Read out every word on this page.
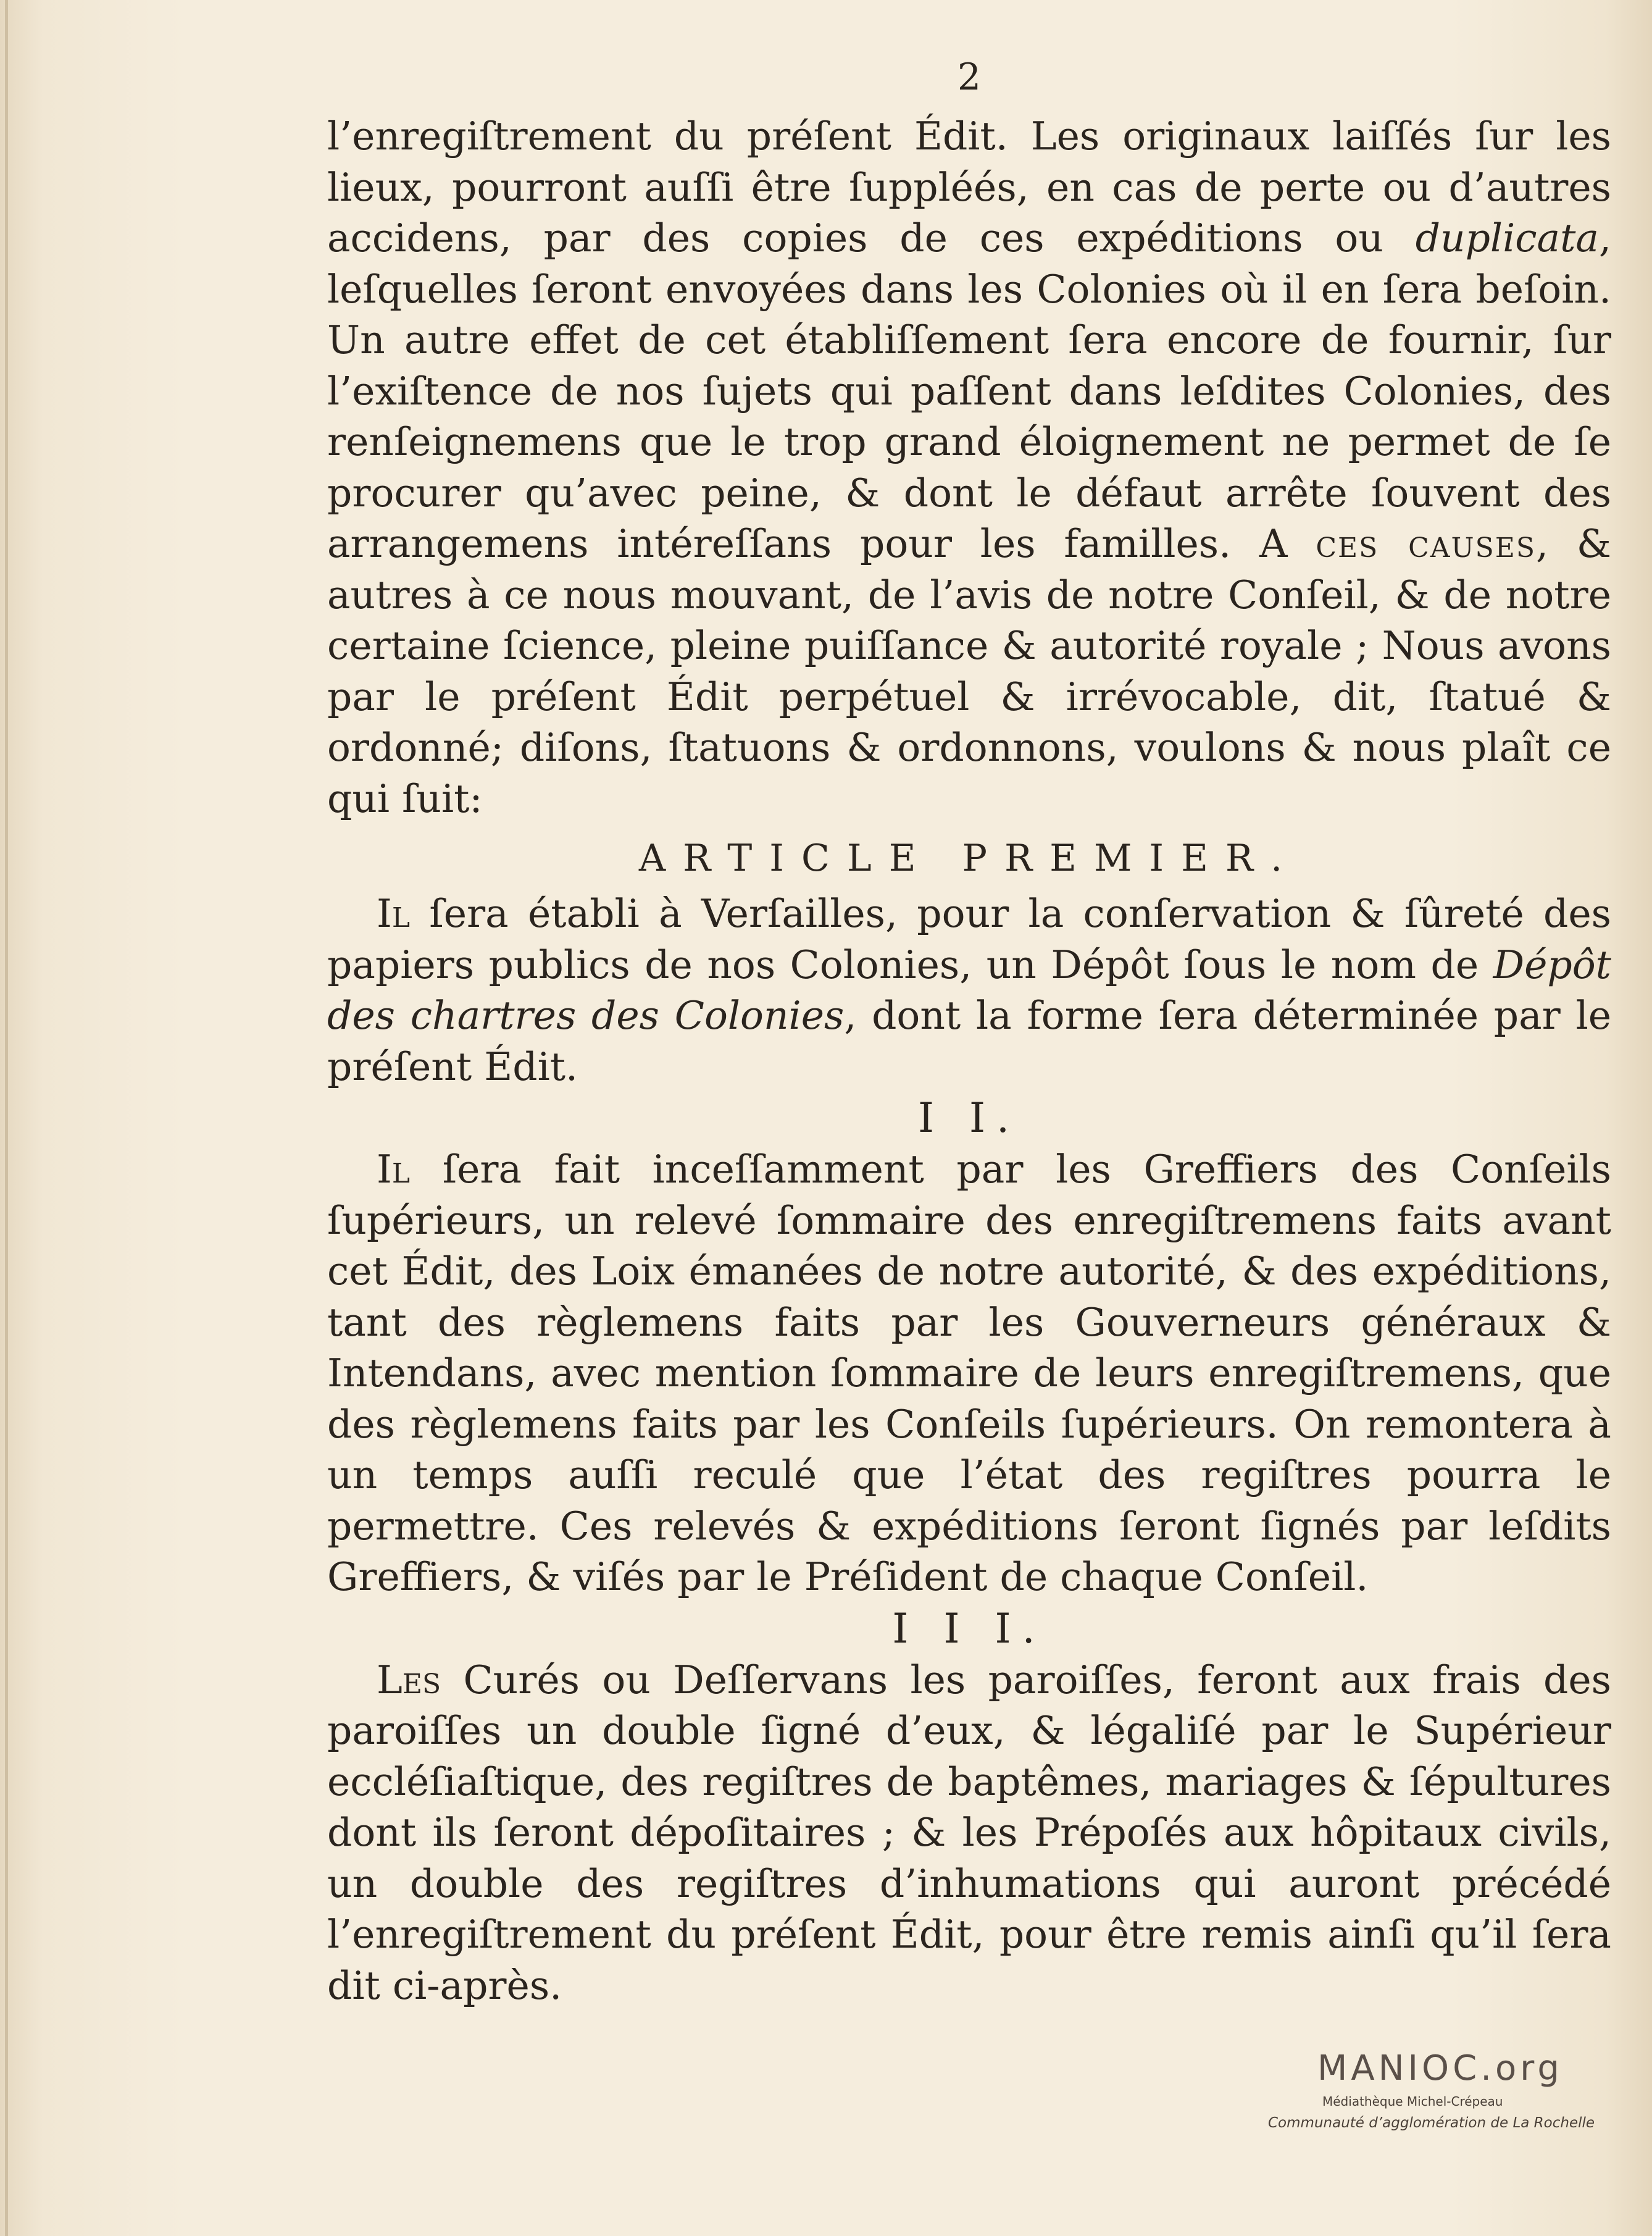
2

l’enregiſtrement du préſent Édit. Les originaux laiſſés ſur les lieux, pourront auſſi être ſuppléés, en cas de perte ou d’autres accidens, par des copies de ces expéditions ou duplicata, leſquelles ſeront envoyées dans les Colonies où il en ſera beſoin. Un autre effet de cet établiſſement ſera encore de fournir, ſur l’exiſtence de nos ſujets qui paſſent dans leſdites Colonies, des renſeignemens que le trop grand éloignement ne permet de ſe procurer qu’avec peine, & dont le défaut arrête ſouvent des arrangemens intéreſſans pour les familles. A ces causes, & autres à ce nous mouvant, de l’avis de notre Conſeil, & de notre certaine ſcience, pleine puiſſance & autorité royale ; Nous avons par le préſent Édit perpétuel & irrévocable, dit, ſtatué & ordonné; diſons, ſtatuons & ordonnons, voulons & nous plaît ce qui ſuit:

ARTICLE PREMIER.

Il ſera établi à Verſailles, pour la conſervation & ſûreté des papiers publics de nos Colonies, un Dépôt ſous le nom de Dépôt des chartres des Colonies, dont la forme ſera déterminée par le préſent Édit.

I I.

Il ſera fait inceſſamment par les Greffiers des Conſeils ſupérieurs, un relevé ſommaire des enregiſtremens faits avant cet Édit, des Loix émanées de notre autorité, & des expéditions, tant des règlemens faits par les Gouverneurs généraux & Intendans, avec mention ſommaire de leurs enregiſtremens, que des règlemens faits par les Conſeils ſupérieurs. On remontera à un temps auſſi reculé que l’état des regiſtres pourra le permettre. Ces relevés & expéditions ſeront ſignés par leſdits Greffiers, & viſés par le Préſident de chaque Conſeil.

I I I.

Les Curés ou Deſſervans les paroiſſes, feront aux frais des paroiſſes un double ſigné d’eux, & légaliſé par le Supérieur eccléſiaſtique, des regiſtres de baptêmes, mariages & ſépultures dont ils ſeront dépoſitaires ; & les Prépoſés aux hôpitaux civils, un double des regiſtres d’inhumations qui auront précédé l’enregiſtrement du préſent Édit, pour être remis ainſi qu’il ſera dit ci-après.

MANIOC.org
Médiathèque Michel-Crépeau
Communauté d’agglomération de La Rochelle
